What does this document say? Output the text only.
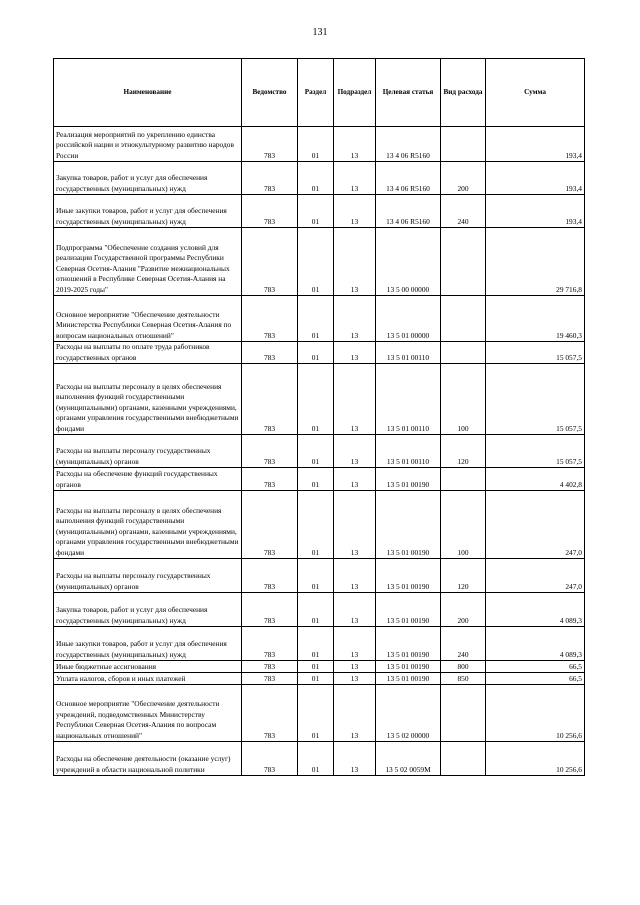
131
Наименование	Ведомство	Раздел	Подраздел	Целевая статья	Вид расхода	Сумма
Реализация мероприятий по укреплению единства российской нации и этнокультурному развитию народов России	783	01	13	13 4 06 R5160		193,4
Закупка товаров, работ и услуг для обеспечения государственных (муниципальных) нужд	783	01	13	13 4 06 R5160	200	193,4
Иные закупки товаров, работ и услуг для обеспечения государственных (муниципальных) нужд	783	01	13	13 4 06 R5160	240	193,4
Подпрограмма "Обеспечение создания условий для реализации Государственной программы Республики Северная Осетия-Алания "Развитие межнациональных отношений в Республике Северная Осетия-Алания на 2019-2025 годы"	783	01	13	13 5 00 00000		29 716,8
Основное мероприятие "Обеспечение деятельности Министерства Республики Северная Осетия-Алания по вопросам национальных отношений"	783	01	13	13 5 01 00000		19 460,3
Расходы на выплаты по оплате труда работников государственных органов	783	01	13	13 5 01 00110		15 057,5
Расходы на выплаты персоналу в целях обеспечения выполнения функций государственными (муниципальными) органами, казенными учреждениями, органами управления государственными внебюджетными фондами	783	01	13	13 5 01 00110	100	15 057,5
Расходы на выплаты персоналу государственных (муниципальных) органов	783	01	13	13 5 01 00110	120	15 057,5
Расходы на обеспечение функций государственных органов	783	01	13	13 5 01 00190		4 402,8
Расходы на выплаты персоналу в целях обеспечения выполнения функций государственными (муниципальными) органами, казенными учреждениями, органами управления государственными внебюджетными фондами	783	01	13	13 5 01 00190	100	247,0
Расходы на выплаты персоналу государственных (муниципальных) органов	783	01	13	13 5 01 00190	120	247,0
Закупка товаров, работ и услуг для обеспечения государственных (муниципальных) нужд	783	01	13	13 5 01 00190	200	4 089,3
Иные закупки товаров, работ и услуг для обеспечения государственных (муниципальных) нужд	783	01	13	13 5 01 00190	240	4 089,3
Иные бюджетные ассигнования	783	01	13	13 5 01 00190	800	66,5
Уплата налогов, сборов и иных платежей	783	01	13	13 5 01 00190	850	66,5
Основное мероприятие "Обеспечение деятельности учреждений, подведомственных Министерству Республики Северная Осетия-Алания по вопросам национальных отношений"	783	01	13	13 5 02 00000		10 256,6
Расходы на обеспечение деятельности (оказание услуг) учреждений в области национальной политики	783	01	13	13 5 02 0059М		10 256,6
